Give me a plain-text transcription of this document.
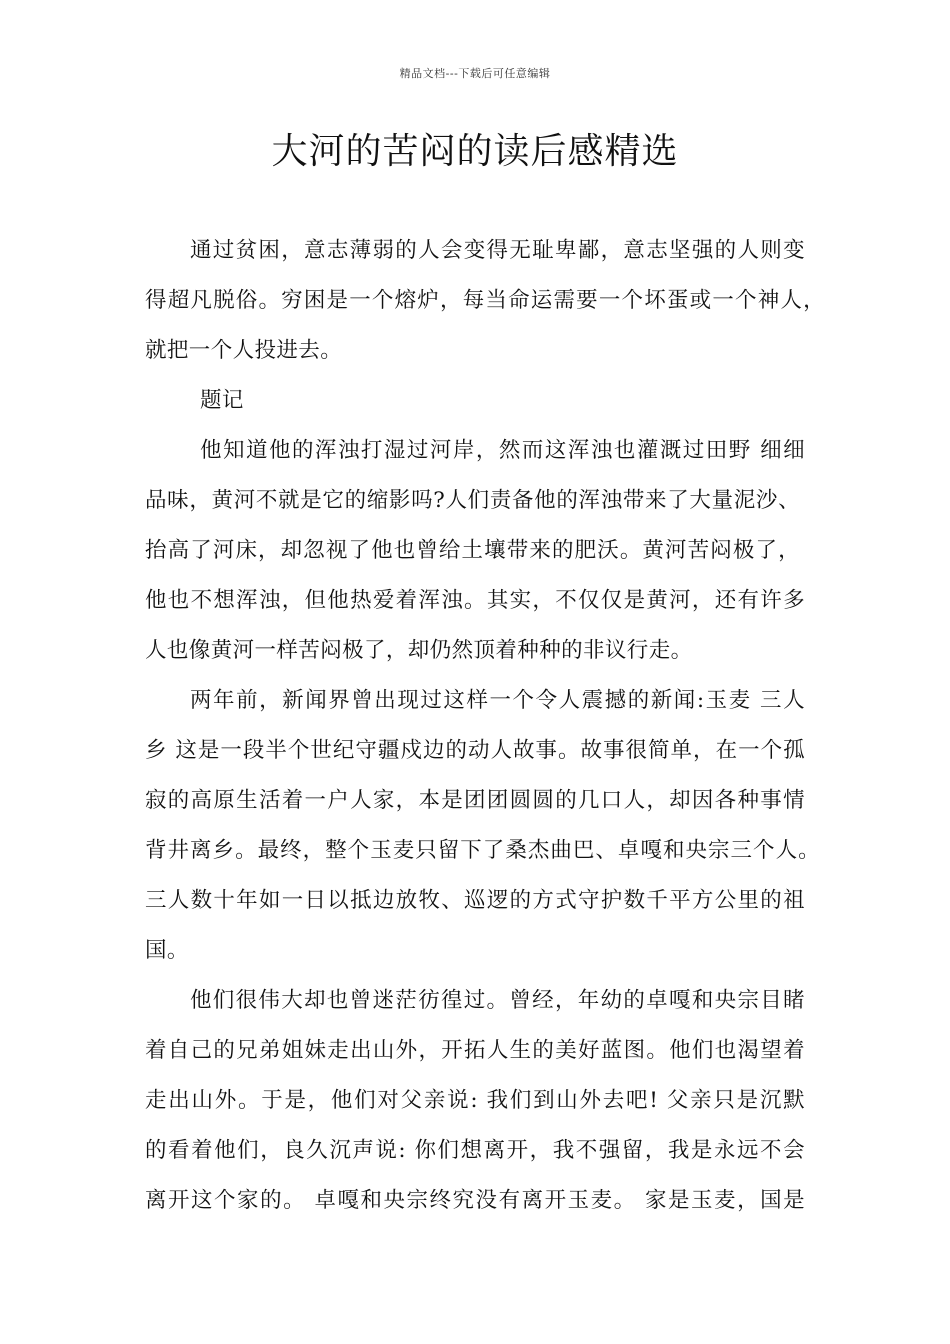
精品文档---下载后可任意编辑
大河的苦闷的读后感精选
通过贫困，意志薄弱的人会变得无耻卑鄙，意志坚强的人则变
得超凡脱俗。穷困是一个熔炉，每当命运需要一个坏蛋或一个神人，
就把一个人投进去。
题记
他知道他的浑浊打湿过河岸，然而这浑浊也灌溉过田野 细细
品味，黄河不就是它的缩影吗?人们责备他的浑浊带来了大量泥沙、
抬高了河床，却忽视了他也曾给土壤带来的肥沃。黄河苦闷极了，
他也不想浑浊，但他热爱着浑浊。其实，不仅仅是黄河，还有许多
人也像黄河一样苦闷极了，却仍然顶着种种的非议行走。
两年前，新闻界曾出现过这样一个令人震撼的新闻:玉麦 三人
乡 这是一段半个世纪守疆戍边的动人故事。故事很简单，在一个孤
寂的高原生活着一户人家，本是团团圆圆的几口人，却因各种事情
背井离乡。最终，整个玉麦只留下了桑杰曲巴、卓嘎和央宗三个人。
三人数十年如一日以抵边放牧、巡逻的方式守护数千平方公里的祖
国。
他们很伟大却也曾迷茫彷徨过。曾经，年幼的卓嘎和央宗目睹
着自己的兄弟姐妹走出山外，开拓人生的美好蓝图。他们也渴望着
走出山外。于是，他们对父亲说: 我们到山外去吧! 父亲只是沉默
的看着他们，良久沉声说: 你们想离开，我不强留，我是永远不会
离开这个家的。 卓嘎和央宗终究没有离开玉麦。 家是玉麦，国是
